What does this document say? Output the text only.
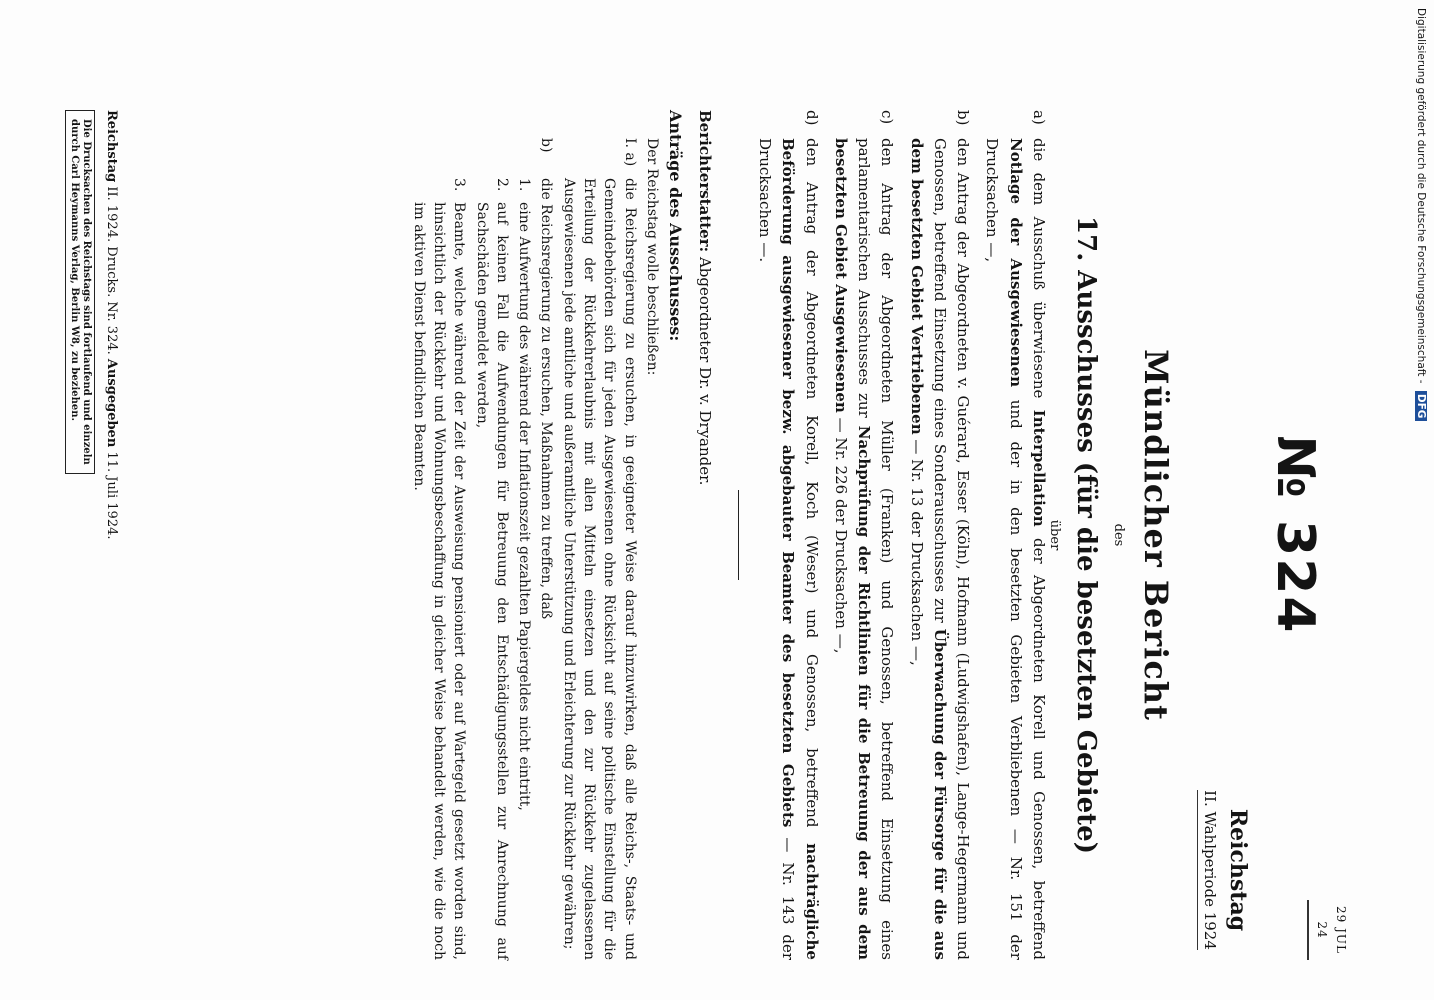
29 JUL 24
№ 324
Reichstag
II. Wahlperiode 1924
Mündlicher Bericht
des
17. Ausschusses (für die besetzten Gebiete)
über
a)
die dem Ausschuß überwiesene Interpellation der Abgeordneten Korell und Genossen, betreffend Notlage der Ausgewiesenen und der in den besetzten Gebieten Verbliebenen — Nr. 151 der Drucksachen —,
b)
den Antrag der Abgeordneten v. Guérard, Esser (Köln), Hofmann (Ludwigshafen), Lange-Hegermann und Genossen, betreffend Einsetzung eines Sonderausschusses zur Überwachung der Fürsorge für die aus dem besetzten Gebiet Vertriebenen — Nr. 13 der Drucksachen —,
c)
den Antrag der Abgeordneten Müller (Franken) und Genossen, betreffend Einsetzung eines parlamentarischen Ausschusses zur Nachprüfung der Richtlinien für die Betreuung der aus dem besetzten Gebiet Ausgewiesenen — Nr. 226 der Drucksachen —,
d)
den Antrag der Abgeordneten Korell, Koch (Weser) und Genossen, betreffend nachträgliche Beförderung ausgewiesener bezw. abgebauter Beamter des besetzten Gebiets — Nr. 143 der Drucksachen —.
Berichterstatter: Abgeordneter Dr. v. Dryander.
Anträge des Ausschusses:
Der Reichstag wolle beschließen:
I. a)
die Reichsregierung zu ersuchen, in geeigneter Weise darauf hinzuwirken, daß alle Reichs-, Staats- und Gemeindebehörden sich für jeden Ausgewiesenen ohne Rücksicht auf seine politische Einstellung für die Erteilung der Rückkehrerlaubnis mit allen Mitteln einsetzen und den zur Rückkehr zugelassenen Ausgewiesenen jede amtliche und außeramtliche Unterstützung und Erleichterung zur Rückkehr gewähren;
b)
die Reichsregierung zu ersuchen, Maßnahmen zu treffen, daß
1.
eine Aufwertung des während der Inflationszeit gezahlten Papiergeldes nicht eintritt,
2.
auf keinen Fall die Aufwendungen für Betreuung den Entschädigungsstellen zur Anrechnung auf Sachschäden gemeldet werden,
3.
Beamte, welche während der Zeit der Ausweisung pensioniert oder auf Wartegeld gesetzt worden sind, hinsichtlich der Rückkehr und Wohnungsbeschaffung in gleicher Weise behandelt werden, wie die noch im aktiven Dienst befindlichen Beamten.
Reichstag II. 1924. Drucks. Nr. 324. Ausgegeben 11. Juli 1924.
Die Drucksachen des Reichstags sind fortlaufend und einzeln
durch Carl Heymanns Verlag, Berlin W8, zu beziehen.	Digitalisierung gefördert durch die Deutsche Forschungsgemeinschaft - DFG
